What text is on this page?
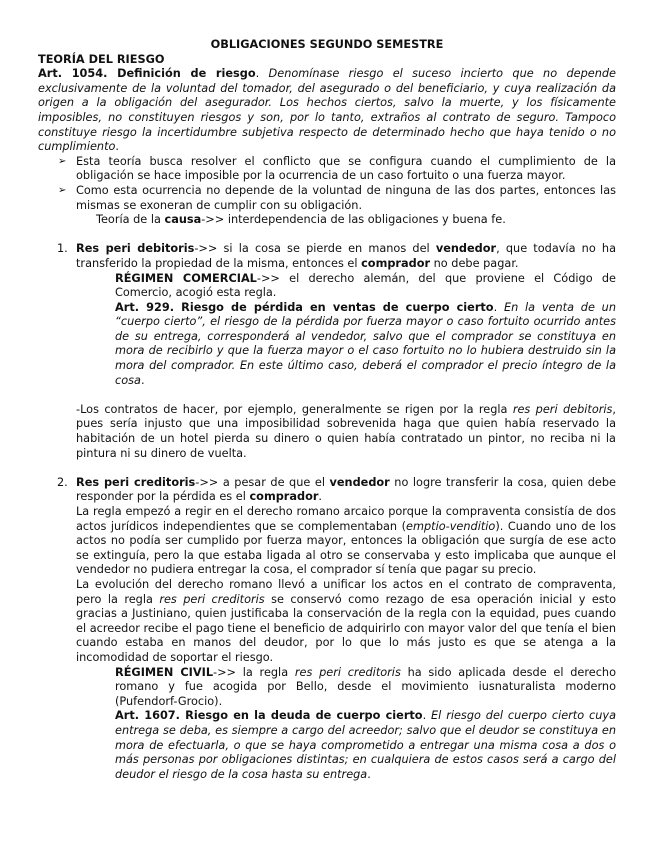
OBLIGACIONES SEGUNDO SEMESTRE

TEORÍA DEL RIESGO

Art. 1054. Definición de riesgo. Denomínase riesgo el suceso incierto que no depende exclusivamente de la voluntad del tomador, del asegurado o del beneficiario, y cuya realización da origen a la obligación del asegurador. Los hechos ciertos, salvo la muerte, y los físicamente imposibles, no constituyen riesgos y son, por lo tanto, extraños al contrato de seguro. Tampoco constituye riesgo la incertidumbre subjetiva respecto de determinado hecho que haya tenido o no cumplimiento.

➢ Esta teoría busca resolver el conflicto que se configura cuando el cumplimiento de la obligación se hace imposible por la ocurrencia de un caso fortuito o una fuerza mayor.

➢ Como esta ocurrencia no depende de la voluntad de ninguna de las dos partes, entonces las mismas se exoneran de cumplir con su obligación.

Teoría de la causa->> interdependencia de las obligaciones y buena fe.

1. Res peri debitoris->> si la cosa se pierde en manos del vendedor, que todavía no ha transferido la propiedad de la misma, entonces el comprador no debe pagar.

RÉGIMEN COMERCIAL->> el derecho alemán, del que proviene el Código de Comercio, acogió esta regla.

Art. 929. Riesgo de pérdida en ventas de cuerpo cierto. En la venta de un “cuerpo cierto”, el riesgo de la pérdida por fuerza mayor o caso fortuito ocurrido antes de su entrega, corresponderá al vendedor, salvo que el comprador se constituya en mora de recibirlo y que la fuerza mayor o el caso fortuito no lo hubiera destruido sin la mora del comprador. En este último caso, deberá el comprador el precio íntegro de la cosa.

-Los contratos de hacer, por ejemplo, generalmente se rigen por la regla res peri debitoris, pues sería injusto que una imposibilidad sobrevenida haga que quien había reservado la habitación de un hotel pierda su dinero o quien había contratado un pintor, no reciba ni la pintura ni su dinero de vuelta.

2. Res peri creditoris->> a pesar de que el vendedor no logre transferir la cosa, quien debe responder por la pérdida es el comprador.

La regla empezó a regir en el derecho romano arcaico porque la compraventa consistía de dos actos jurídicos independientes que se complementaban (emptio-venditio). Cuando uno de los actos no podía ser cumplido por fuerza mayor, entonces la obligación que surgía de ese acto se extinguía, pero la que estaba ligada al otro se conservaba y esto implicaba que aunque el vendedor no pudiera entregar la cosa, el comprador sí tenía que pagar su precio.

La evolución del derecho romano llevó a unificar los actos en el contrato de compraventa, pero la regla res peri creditoris se conservó como rezago de esa operación inicial y esto gracias a Justiniano, quien justificaba la conservación de la regla con la equidad, pues cuando el acreedor recibe el pago tiene el beneficio de adquirirlo con mayor valor del que tenía el bien cuando estaba en manos del deudor, por lo que lo más justo es que se atenga a la incomodidad de soportar el riesgo.

RÉGIMEN CIVIL->> la regla res peri creditoris ha sido aplicada desde el derecho romano y fue acogida por Bello, desde el movimiento iusnaturalista moderno (Pufendorf-Grocio).

Art. 1607. Riesgo en la deuda de cuerpo cierto. El riesgo del cuerpo cierto cuya entrega se deba, es siempre a cargo del acreedor; salvo que el deudor se constituya en mora de efectuarla, o que se haya comprometido a entregar una misma cosa a dos o más personas por obligaciones distintas; en cualquiera de estos casos será a cargo del deudor el riesgo de la cosa hasta su entrega.
